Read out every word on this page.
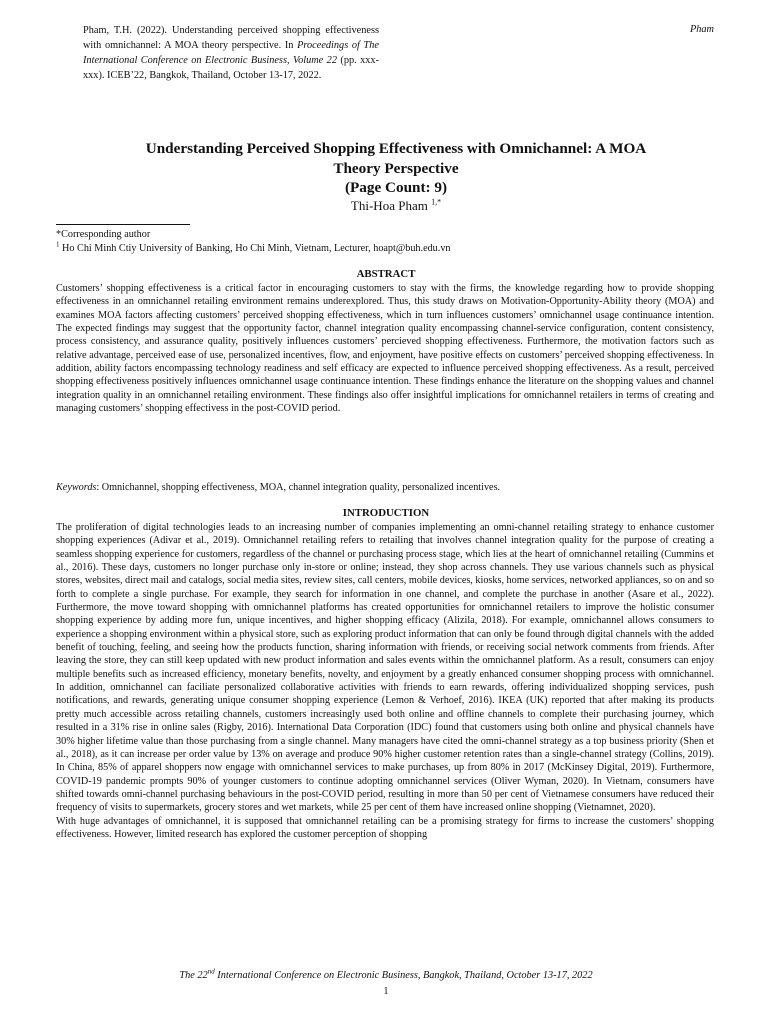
Pham, T.H. (2022). Understanding perceived shopping effectiveness with omnichannel: A MOA theory perspective. In Proceedings of The International Conference on Electronic Business, Volume 22 (pp. xxx-xxx). ICEB’22, Bangkok, Thailand, October 13-17, 2022.
Pham
Understanding Perceived Shopping Effectiveness with Omnichannel: A MOA
Theory Perspective
(Page Count: 9)
Thi-Hoa Pham $^{1,*}$
*Corresponding author
$^1$ Ho Chi Minh Ctiy University of Banking, Ho Chi Minh, Vietnam, Lecturer, hoapt@buh.edu.vn
ABSTRACT

Customers’ shopping effectiveness is a critical factor in encouraging customers to stay with the firms, the knowledge regarding how to provide shopping effectiveness in an omnichannel retailing environment remains underexplored. Thus, this study draws on Motivation-Opportunity-Ability theory (MOA) and examines MOA factors affecting customers’ perceived shopping effectiveness, which in turn influences customers’ omnichannel usage continuance intention. The expected findings may suggest that the opportunity factor, channel integration quality encompassing channel-service configuration, content consistency, process consistency, and assurance quality, positively influences customers’ percieved shopping effectiveness. Furthermore, the motivation factors such as relative advantage, perceived ease of use, personalized incentives, flow, and enjoyment, have positive effects on customers’ perceived shopping effectiveness. In addition, ability factors encompassing technology readiness and self efficacy are expected to influence perceived shopping effectiveness. As a result, perceived shopping effectiveness positively influences omnichannel usage continuance intention. These findings enhance the literature on the shopping values and channel integration quality in an omnichannel retailing environment. These findings also offer insightful implications for omnichannel retailers in terms of creating and managing customers’ shopping effectivess in the post-COVID period.

Keywords: Omnichannel, shopping effectiveness, MOA, channel integration quality, personalized incentives.

INTRODUCTION

The proliferation of digital technologies leads to an increasing number of companies implementing an omni-channel retailing strategy to enhance customer shopping experiences (Adivar et al., 2019). Omnichannel retailing refers to retailing that involves channel integration quality for the purpose of creating a seamless shopping experience for customers, regardless of the channel or purchasing process stage, which lies at the heart of omnichannel retailing (Cummins et al., 2016). These days, customers no longer purchase only in-store or online; instead, they shop across channels. They use various channels such as physical stores, websites, direct mail and catalogs, social media sites, review sites, call centers, mobile devices, kiosks, home services, networked appliances, so on and so forth to complete a single purchase. For example, they search for information in one channel, and complete the purchase in another (Asare et al., 2022). Furthermore, the move toward shopping with omnichannel platforms has created opportunities for omnichannel retailers to improve the holistic consumer shopping experience by adding more fun, unique incentives, and higher shopping efficacy (Alizila, 2018). For example, omnichannel allows consumers to experience a shopping environment within a physical store, such as exploring product information that can only be found through digital channels with the added benefit of touching, feeling, and seeing how the products function, sharing information with friends, or receiving social network comments from friends. After leaving the store, they can still keep updated with new product information and sales events within the omnichannel platform. As a result, consumers can enjoy multiple benefits such as increased efficiency, monetary benefits, novelty, and enjoyment by a greatly enhanced consumer shopping process with omnichannel. In addition, omnichannel can faciliate personalized collaborative activities with friends to earn rewards, offering individualized shopping services, push notifications, and rewards, generating unique consumer shopping experience (Lemon & Verhoef, 2016). IKEA (UK) reported that after making its products pretty much accessible across retailing channels, customers increasingly used both online and offline channels to complete their purchasing journey, which resulted in a 31% rise in online sales (Rigby, 2016). International Data Corporation (IDC) found that customers using both online and physical channels have 30% higher lifetime value than those purchasing from a single channel. Many managers have cited the omni-channel strategy as a top business priority (Shen et al., 2018), as it can increase per order value by 13% on average and produce 90% higher customer retention rates than a single-channel strategy (Collins, 2019). In China, 85% of apparel shoppers now engage with omnichannel services to make purchases, up from 80% in 2017 (McKinsey Digital, 2019). Furthermore, COVID-19 pandemic prompts 90% of younger customers to continue adopting omnichannel services (Oliver Wyman, 2020). In Vietnam, consumers have shifted towards omni-channel purchasing behaviours in the post-COVID period, resulting in more than 50 per cent of Vietnamese consumers have reduced their frequency of visits to supermarkets, grocery stores and wet markets, while 25 per cent of them have increased online shopping (Vietnamnet, 2020).

With huge advantages of omnichannel, it is supposed that omnichannel retailing can be a promising strategy for firms to increase the customers’ shopping effectiveness. However, limited research has explored the customer perception of shopping

The 22nd International Conference on Electronic Business, Bangkok, Thailand, October 13-17, 2022
1
